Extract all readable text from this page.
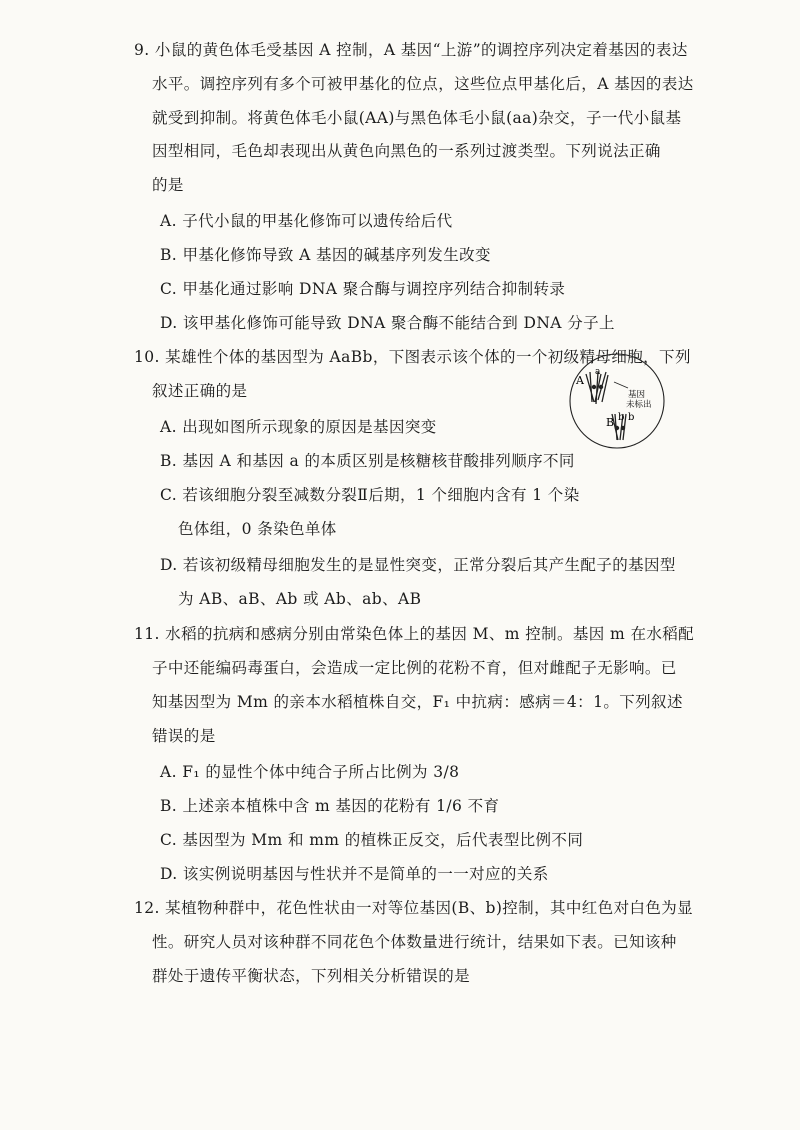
9. 小鼠的黄色体毛受基因 A 控制，A 基因“上游”的调控序列决定着基因的表达
水平。调控序列有多个可被甲基化的位点，这些位点甲基化后，A 基因的表达
就受到抑制。将黄色体毛小鼠(AA)与黑色体毛小鼠(aa)杂交，子一代小鼠基
因型相同，毛色却表现出从黄色向黑色的一系列过渡类型。下列说法正确
的是
A. 子代小鼠的甲基化修饰可以遗传给后代
B. 甲基化修饰导致 A 基因的碱基序列发生改变
C. 甲基化通过影响 DNA 聚合酶与调控序列结合抑制转录
D. 该甲基化修饰可能导致 DNA 聚合酶不能结合到 DNA 分子上
10. 某雄性个体的基因型为 AaBb，下图表示该个体的一个初级精母细胞，下列
叙述正确的是
A. 出现如图所示现象的原因是基因突变
B. 基因 A 和基因 a 的本质区别是核糖核苷酸排列顺序不同
C. 若该细胞分裂至减数分裂Ⅱ后期，1 个细胞内含有 1 个染
色体组，0 条染色单体
D. 若该初级精母细胞发生的是显性突变，正常分裂后其产生配子的基因型
为 AB、aB、Ab 或 Ab、ab、AB
A
a
B b b
基因
未标出
11. 水稻的抗病和感病分别由常染色体上的基因 M、m 控制。基因 m 在水稻配
子中还能编码毒蛋白，会造成一定比例的花粉不育，但对雌配子无影响。已
知基因型为 Mm 的亲本水稻植株自交，F₁ 中抗病：感病＝4：1。下列叙述
错误的是
A. F₁ 的显性个体中纯合子所占比例为 3/8
B. 上述亲本植株中含 m 基因的花粉有 1/6 不育
C. 基因型为 Mm 和 mm 的植株正反交，后代表型比例不同
D. 该实例说明基因与性状并不是简单的一一对应的关系
12. 某植物种群中，花色性状由一对等位基因(B、b)控制，其中红色对白色为显
性。研究人员对该种群不同花色个体数量进行统计，结果如下表。已知该种
群处于遗传平衡状态，下列相关分析错误的是
